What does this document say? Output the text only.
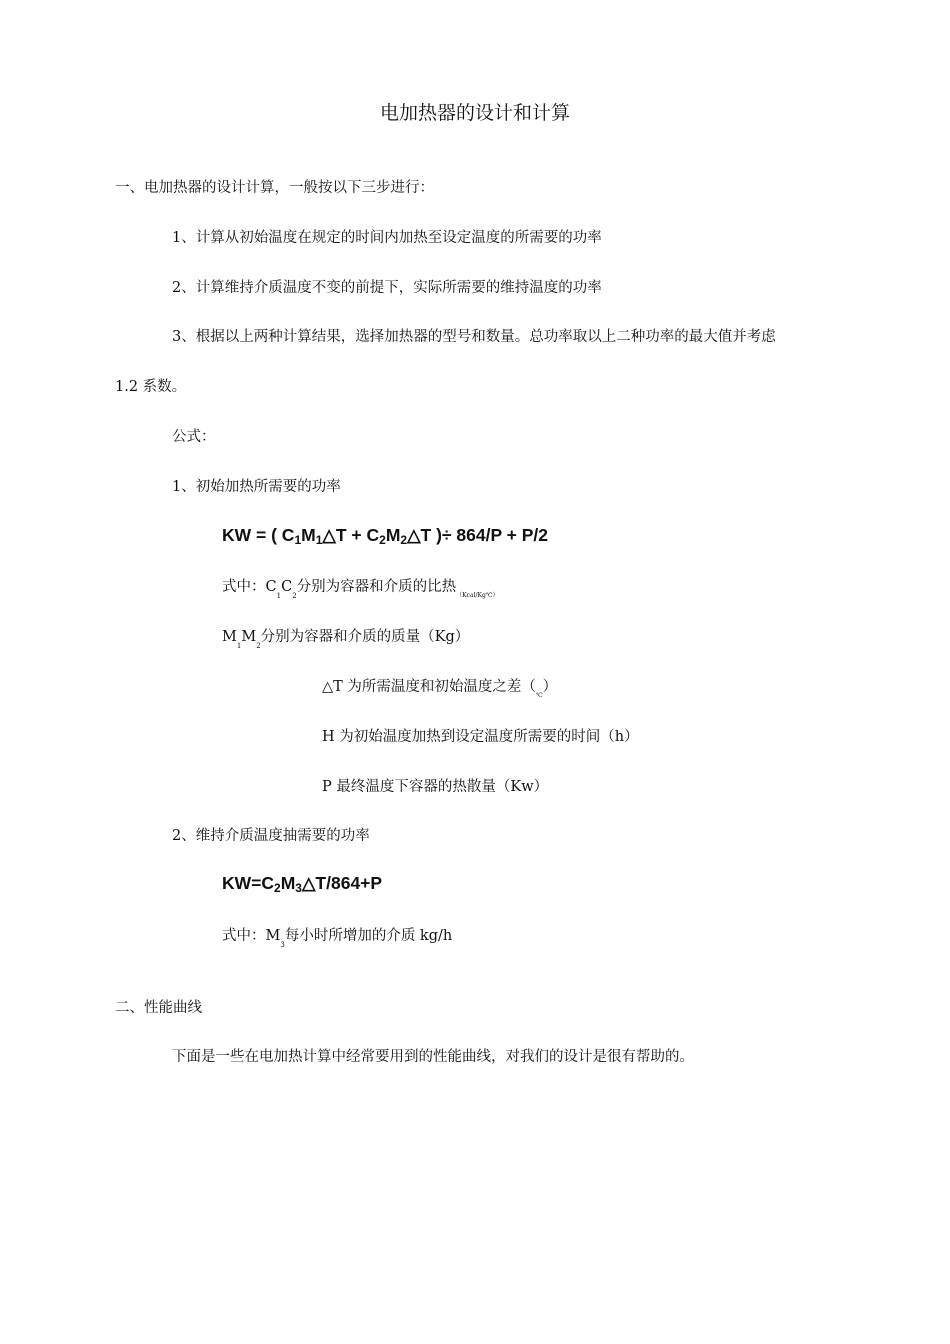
电加热器的设计和计算
一、电加热器的设计计算，一般按以下三步进行：
1、计算从初始温度在规定的时间内加热至设定温度的所需要的功率
2、计算维持介质温度不变的前提下，实际所需要的维持温度的功率
3、根据以上两种计算结果，选择加热器的型号和数量。总功率取以上二种功率的最大值并考虑
1.2 系数。
公式：
1、初始加热所需要的功率
KW = ( $C_1M_1\triangle T$ + $C_2M_2\triangle T$ )÷ 864/P + P/2
式中：$C_1C_2$分别为容器和介质的比热$_{(Kcal/Kg℃)}$
$M_1M_2$分别为容器和介质的质量（Kg）
△T 为所需温度和初始温度之差$(_℃)$
H 为初始温度加热到设定温度所需要的时间（h）
P 最终温度下容器的热散量（Kw）
2、维持介质温度抽需要的功率
$KW=C_2M_3\triangle T/864+P$
式中：$M_3$每小时所增加的介质 kg/h
二、性能曲线
下面是一些在电加热计算中经常要用到的性能曲线，对我们的设计是很有帮助的。
